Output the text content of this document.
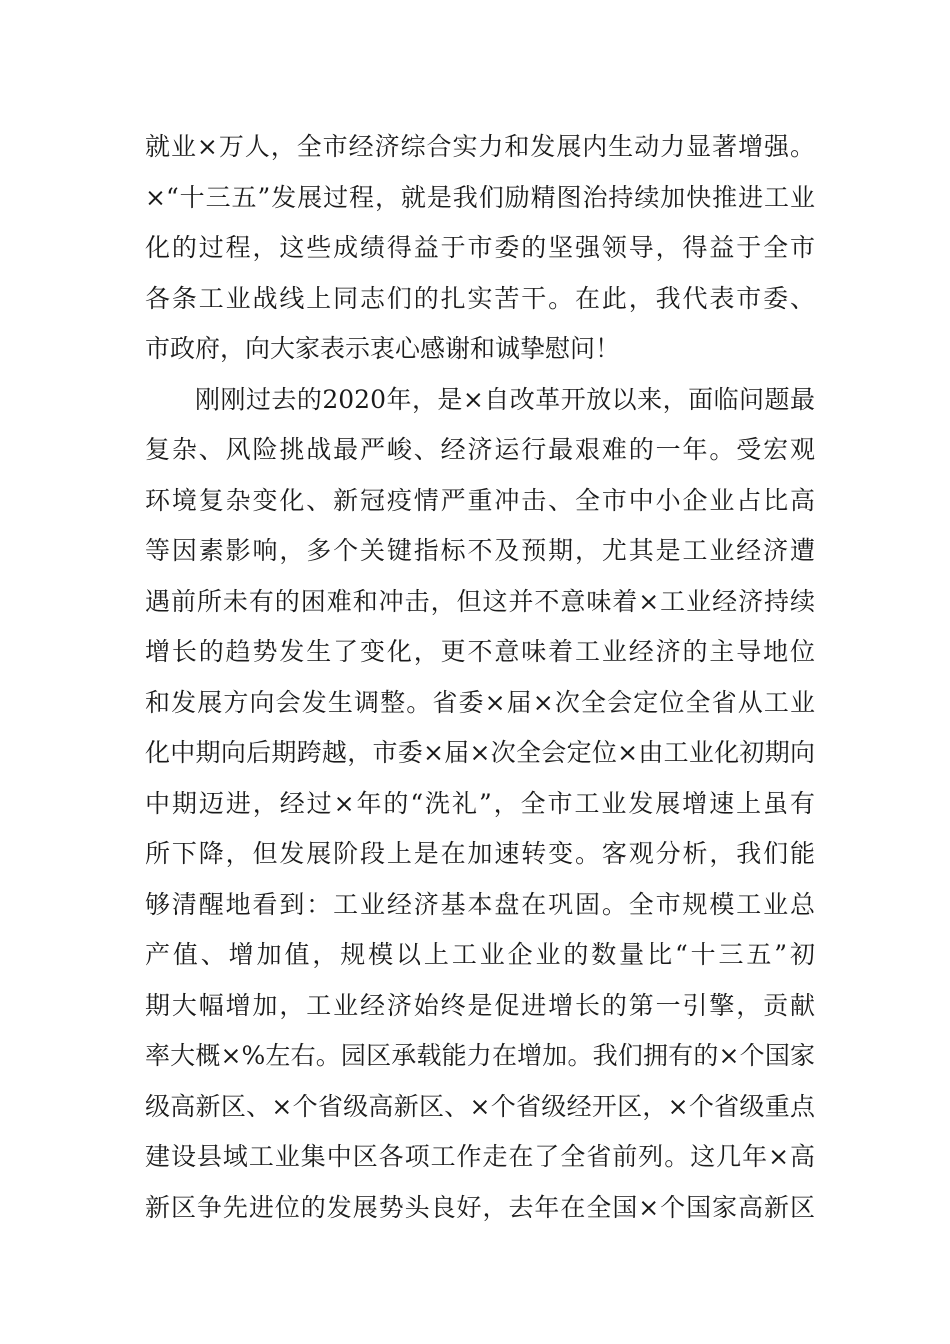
就业×万人，全市经济综合实力和发展内生动力显著增强。
×“十三五”发展过程，就是我们励精图治持续加快推进工业
化的过程，这些成绩得益于市委的坚强领导，得益于全市
各条工业战线上同志们的扎实苦干。在此，我代表市委、
市政府，向大家表示衷心感谢和诚挚慰问！
刚刚过去的2020年，是×自改革开放以来，面临问题最
复杂、风险挑战最严峻、经济运行最艰难的一年。受宏观
环境复杂变化、新冠疫情严重冲击、全市中小企业占比高
等因素影响，多个关键指标不及预期，尤其是工业经济遭
遇前所未有的困难和冲击，但这并不意味着×工业经济持续
增长的趋势发生了变化，更不意味着工业经济的主导地位
和发展方向会发生调整。省委×届×次全会定位全省从工业
化中期向后期跨越，市委×届×次全会定位×由工业化初期向
中期迈进，经过×年的“洗礼”，全市工业发展增速上虽有
所下降，但发展阶段上是在加速转变。客观分析，我们能
够清醒地看到：工业经济基本盘在巩固。全市规模工业总
产值、增加值，规模以上工业企业的数量比“十三五”初
期大幅增加，工业经济始终是促进增长的第一引擎，贡献
率大概×%左右。园区承载能力在增加。我们拥有的×个国家
级高新区、×个省级高新区、×个省级经开区，×个省级重点
建设县域工业集中区各项工作走在了全省前列。这几年×高
新区争先进位的发展势头良好，去年在全国×个国家高新区
